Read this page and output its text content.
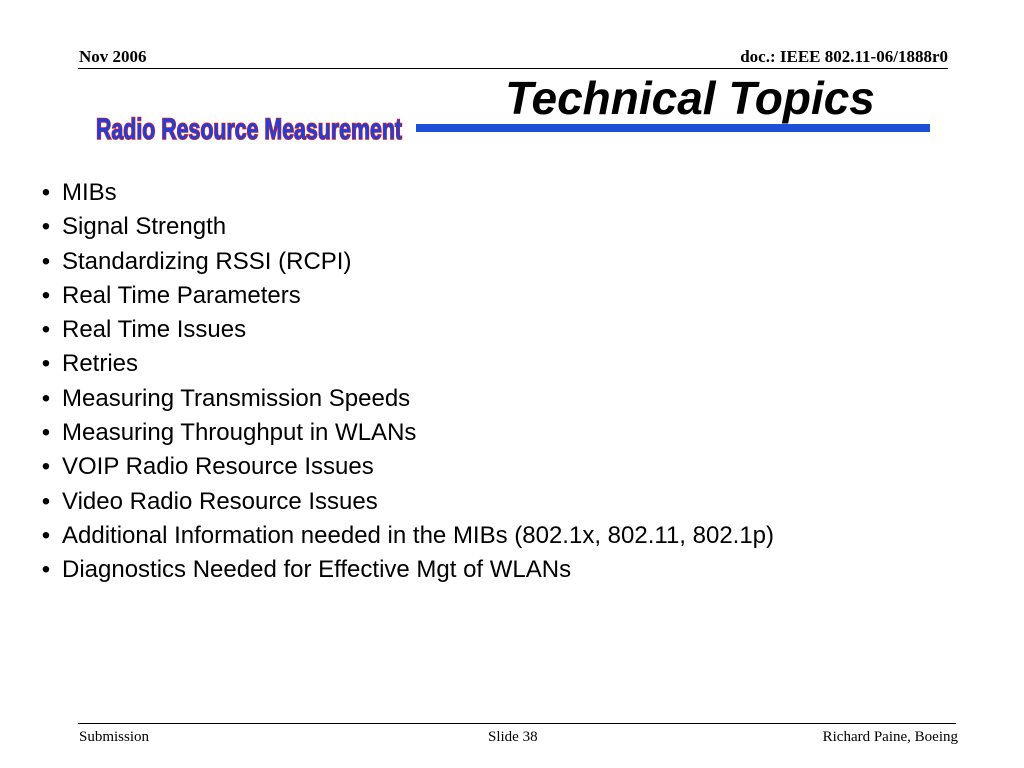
Nov 2006	doc.: IEEE 802.11-06/1888r0
Radio Resource Measurement
Technical Topics
• MIBs
• Signal Strength
• Standardizing RSSI (RCPI)
• Real Time Parameters
• Real Time Issues
• Retries
• Measuring Transmission Speeds
• Measuring Throughput in WLANs
• VOIP Radio Resource Issues
• Video Radio Resource Issues
• Additional Information needed in the MIBs (802.1x, 802.11, 802.1p)
• Diagnostics Needed for Effective Mgt of WLANs
Submission	Slide 38	Richard Paine, Boeing
